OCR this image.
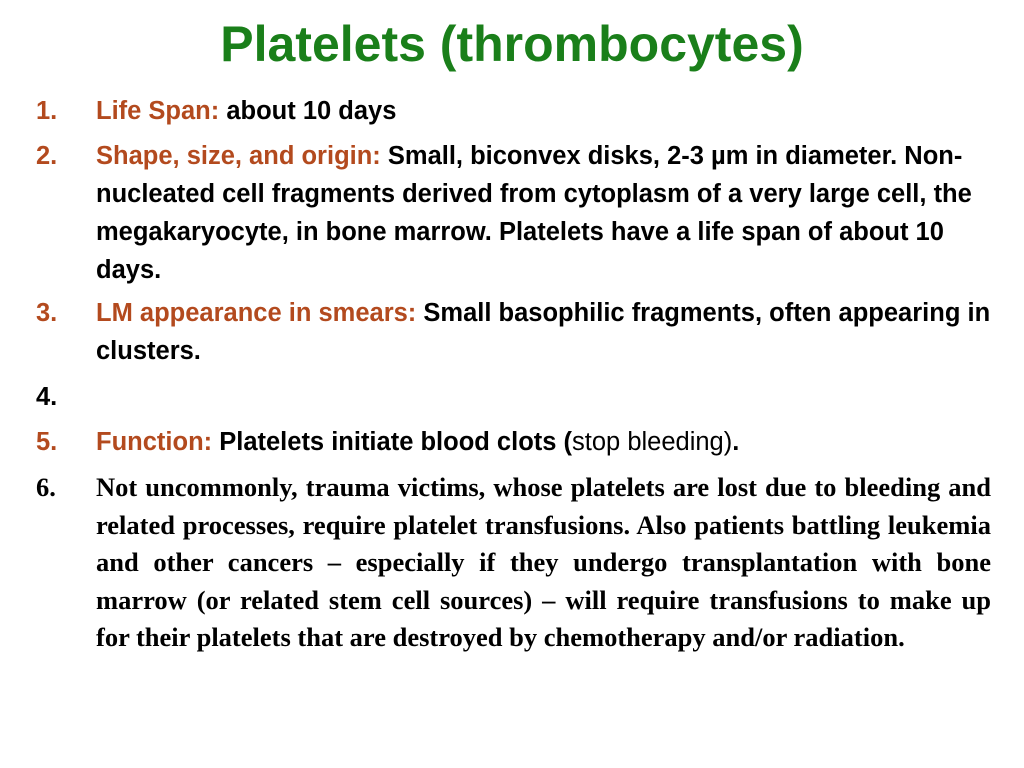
Platelets (thrombocytes)
1.	Life Span: about 10 days
2.	Shape, size, and origin: Small, biconvex disks, 2-3 µm in diameter. Non-nucleated cell fragments derived from cytoplasm of a very large cell, the megakaryocyte, in bone marrow. Platelets have a life span of about 10 days.
3.	LM appearance in smears: Small basophilic fragments, often appearing in clusters.
4.
5.	Function: Platelets initiate blood clots (stop bleeding).
6.	Not uncommonly, trauma victims, whose platelets are lost due to bleeding and related processes, require platelet transfusions. Also patients battling leukemia and other cancers – especially if they undergo transplantation with bone marrow (or related stem cell sources) – will require transfusions to make up for their platelets that are destroyed by chemotherapy and/or radiation.
